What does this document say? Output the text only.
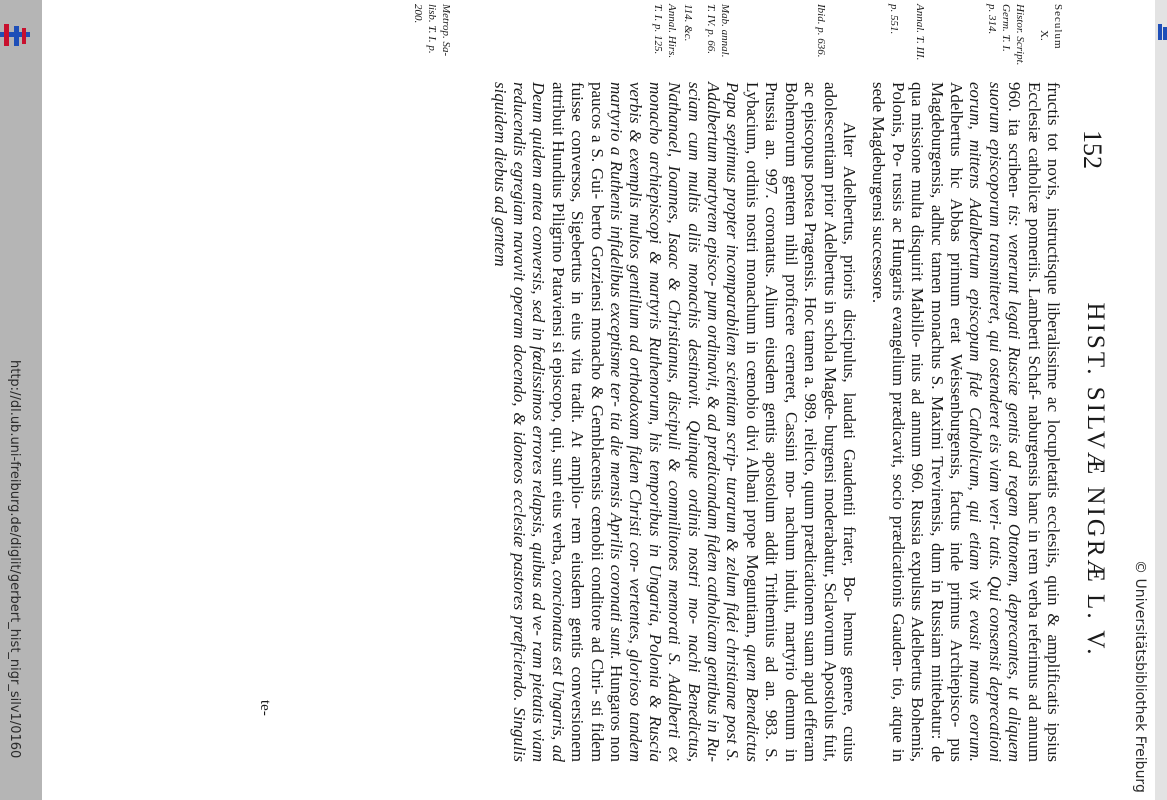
http://dl.ub.uni-freiburg.de/diglit/gerbert_hist_nigr_silv1/0160	© Universitätsbibliothek Freiburg
152
HIST. SILVÆ NIGRÆ L. V.
Seculum
X.
Histor. Script.
Germ. T. I.
p. 314.
Annal. T. III.
p. 551.
Ibid. p. 636.
Mab. annal.
T. IV. p. 66.
114. &c.
Annal. Hirs.
T. I. p. 125.
Metrop. Sa-
lisb. T. I. p.
200.

fructis tot novis, instructisque liberalissime ac locupletatis ecclesiis, quin & amplificatis ipsius Ecclesiæ catholicæ pomeriis. Lamberti Schaf- naburgensis hanc in rem verba referimus ad annum 960. ita scriben- tis: venerunt legati Rusciæ gentis ad regem Ottonem, deprecantes, ut aliquem suorum episcoporum transmitteret, qui ostenderet eis viam veri- tatis. Qui consensit deprecationi eorum, mittens Adalbertum episcopum fide Catholicum, qui etiam vix evasit manus eorum. Adelbertus hic Abbas primum erat Weissenburgensis, factus inde primus Archiepisco- pus Magdeburgensis, adhuc tamen monachus S. Maximi Trevirensis, dum in Russiam mittebatur: de qua missione multa disquirit Mabillo- nius ad annum 960. Russia expulsus Adelbertus Bohemis, Polonis, Po- russis ac Hungaris evangelium prædicavit, socio prædicationis Gauden- tio, atque in sede Magdeburgensi successore.

Alter Adelbertus, prioris discipulus, laudati Gaudentii frater, Bo- hemus genere, cuius adolescentiam prior Adelbertus in schola Magde- burgensi moderabatur, Sclavorum Apostolus fuit, ac episcopus postea Pragensis. Hoc tamen a. 989. relicto, quum prædicationem suam apud efferam Bohemorum gentem nihil proficere cerneret, Cassini mo- nachum induit, martyrio demum in Prussia an. 997. coronatus. Alium eiusdem gentis apostolum addit Trithemius ad an. 983. S. Lybacium, ordinis nostri monachum in cœnobio divi Albani prope Moguntiam, quem Benedictus Papa septimus propter incomparabilem scientiam scrip- turarum & zelum fidei christianæ post S. Adalbertum martyrem episco- pum ordinavit, & ad prædicandam fidem catholicam gentibus in Ru- sciam cum multis aliis monachis destinavit. Quinque ordinis nostri mo- nachi Benedictus, Nathanael, Ioannes, Isaac & Christianus, discipuli & commilitones memorati S. Adalberti ex monacho archiepiscopi & martyris Ruthenorum, his temporibus in Ungaria, Polonia & Ruscia verbis & exemplis multos gentilium ad orthodoxam fidem Christi con- vertentes, glorioso tandem martyrio a Ruthenis infidelibus exceptisme ter- tia die mensis Aprilis coronati sunt. Hungaros non paucos a S. Gui- berto Gorziensi monacho & Gemblacensis cœnobii conditore ad Chri- sti fidem fuisse conversos, Sigebertus in eius vita tradit. At amplio- rem eiusdem gentis conversionem attribuit Hundius Piligrino Pataviensi si episcopo, qui, sunt eius verba, concionatus est Ungaris, ad Deum quidem antea conversis, sed in fœdissimos errores relapsis, quibus ad ve- ram pietatis viam reducendis egregiam navavit operam docendo, & idoneos ecclesiæ pastores præficiendo. Singulis siquidem diebus ad gentem

te-
